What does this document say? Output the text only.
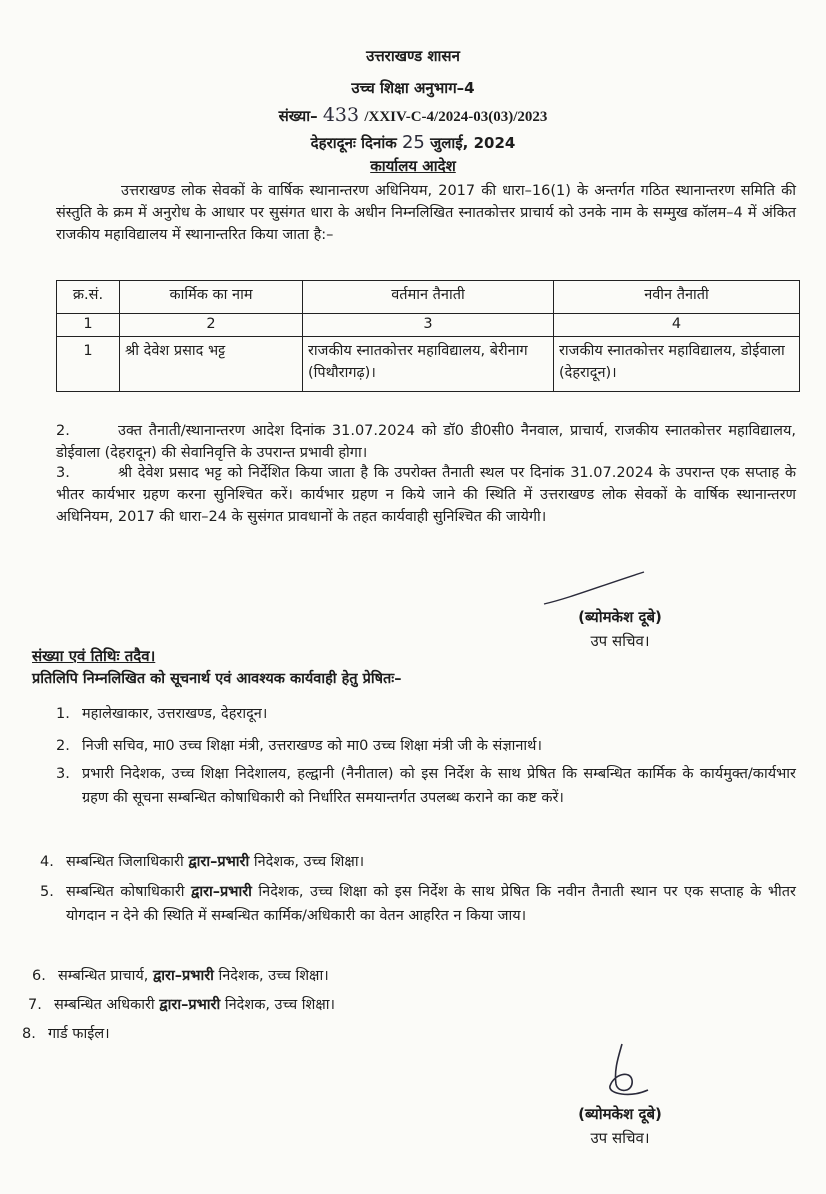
उत्तराखण्ड शासन
उच्च शिक्षा अनुभाग–4
संख्या– 433 /XXIV-C-4/2024-03(03)/2023
देहरादूनः दिनांक 25 जुलाई, 2024
कार्यालय आदेश
उत्तराखण्ड लोक सेवकों के वार्षिक स्थानान्तरण अधिनियम, 2017 की धारा–16(1) के अन्तर्गत गठित स्थानान्तरण समिति की संस्तुति के क्रम में अनुरोध के आधार पर सुसंगत धारा के अधीन निम्नलिखित स्नातकोत्तर प्राचार्य को उनके नाम के सम्मुख कॉलम–4 में अंकित राजकीय महाविद्यालय में स्थानान्तरित किया जाता है:–
क्र.सं.	कार्मिक का नाम	वर्तमान तैनाती	नवीन तैनाती
1	2	3	4
1	श्री देवेश प्रसाद भट्ट	राजकीय स्नातकोत्तर महाविद्यालय, बेरीनाग (पिथौरागढ़)।	राजकीय स्नातकोत्तर महाविद्यालय, डोईवाला (देहरादून)।
2.	उक्त तैनाती/स्थानान्तरण आदेश दिनांक 31.07.2024 को डॉ0 डी0सी0 नैनवाल, प्राचार्य, राजकीय स्नातकोत्तर महाविद्यालय, डोईवाला (देहरादून) की सेवानिवृत्ति के उपरान्त प्रभावी होगा।
3.	श्री देवेश प्रसाद भट्ट को निर्देशित किया जाता है कि उपरोक्त तैनाती स्थल पर दिनांक 31.07.2024 के उपरान्त एक सप्ताह के भीतर कार्यभार ग्रहण करना सुनिश्चित करें। कार्यभार ग्रहण न किये जाने की स्थिति में उत्तराखण्ड लोक सेवकों के वार्षिक स्थानान्तरण अधिनियम, 2017 की धारा–24 के सुसंगत प्रावधानों के तहत कार्यवाही सुनिश्चित की जायेगी।
(ब्योमकेश दूबे)
उप सचिव।
संख्या एवं तिथिः तदैव।
प्रतिलिपि निम्नलिखित को सूचनार्थ एवं आवश्यक कार्यवाही हेतु प्रेषितः–
1. महालेखाकार, उत्तराखण्ड, देहरादून।
2. निजी सचिव, मा0 उच्च शिक्षा मंत्री, उत्तराखण्ड को मा0 उच्च शिक्षा मंत्री जी के संज्ञानार्थ।
3. प्रभारी निदेशक, उच्च शिक्षा निदेशालय, हल्द्वानी (नैनीताल) को इस निर्देश के साथ प्रेषित कि सम्बन्धित कार्मिक के कार्यमुक्त/कार्यभार ग्रहण की सूचना सम्बन्धित कोषाधिकारी को निर्धारित समयान्तर्गत उपलब्ध कराने का कष्ट करें।
4. सम्बन्धित जिलाधिकारी द्वारा–प्रभारी निदेशक, उच्च शिक्षा।
5. सम्बन्धित कोषाधिकारी द्वारा–प्रभारी निदेशक, उच्च शिक्षा को इस निर्देश के साथ प्रेषित कि नवीन तैनाती स्थान पर एक सप्ताह के भीतर योगदान न देने की स्थिति में सम्बन्धित कार्मिक/अधिकारी का वेतन आहरित न किया जाय।
6. सम्बन्धित प्राचार्य, द्वारा–प्रभारी निदेशक, उच्च शिक्षा।
7. सम्बन्धित अधिकारी द्वारा–प्रभारी निदेशक, उच्च शिक्षा।
8. गार्ड फाईल।
(ब्योमकेश दूबे)
उप सचिव।
